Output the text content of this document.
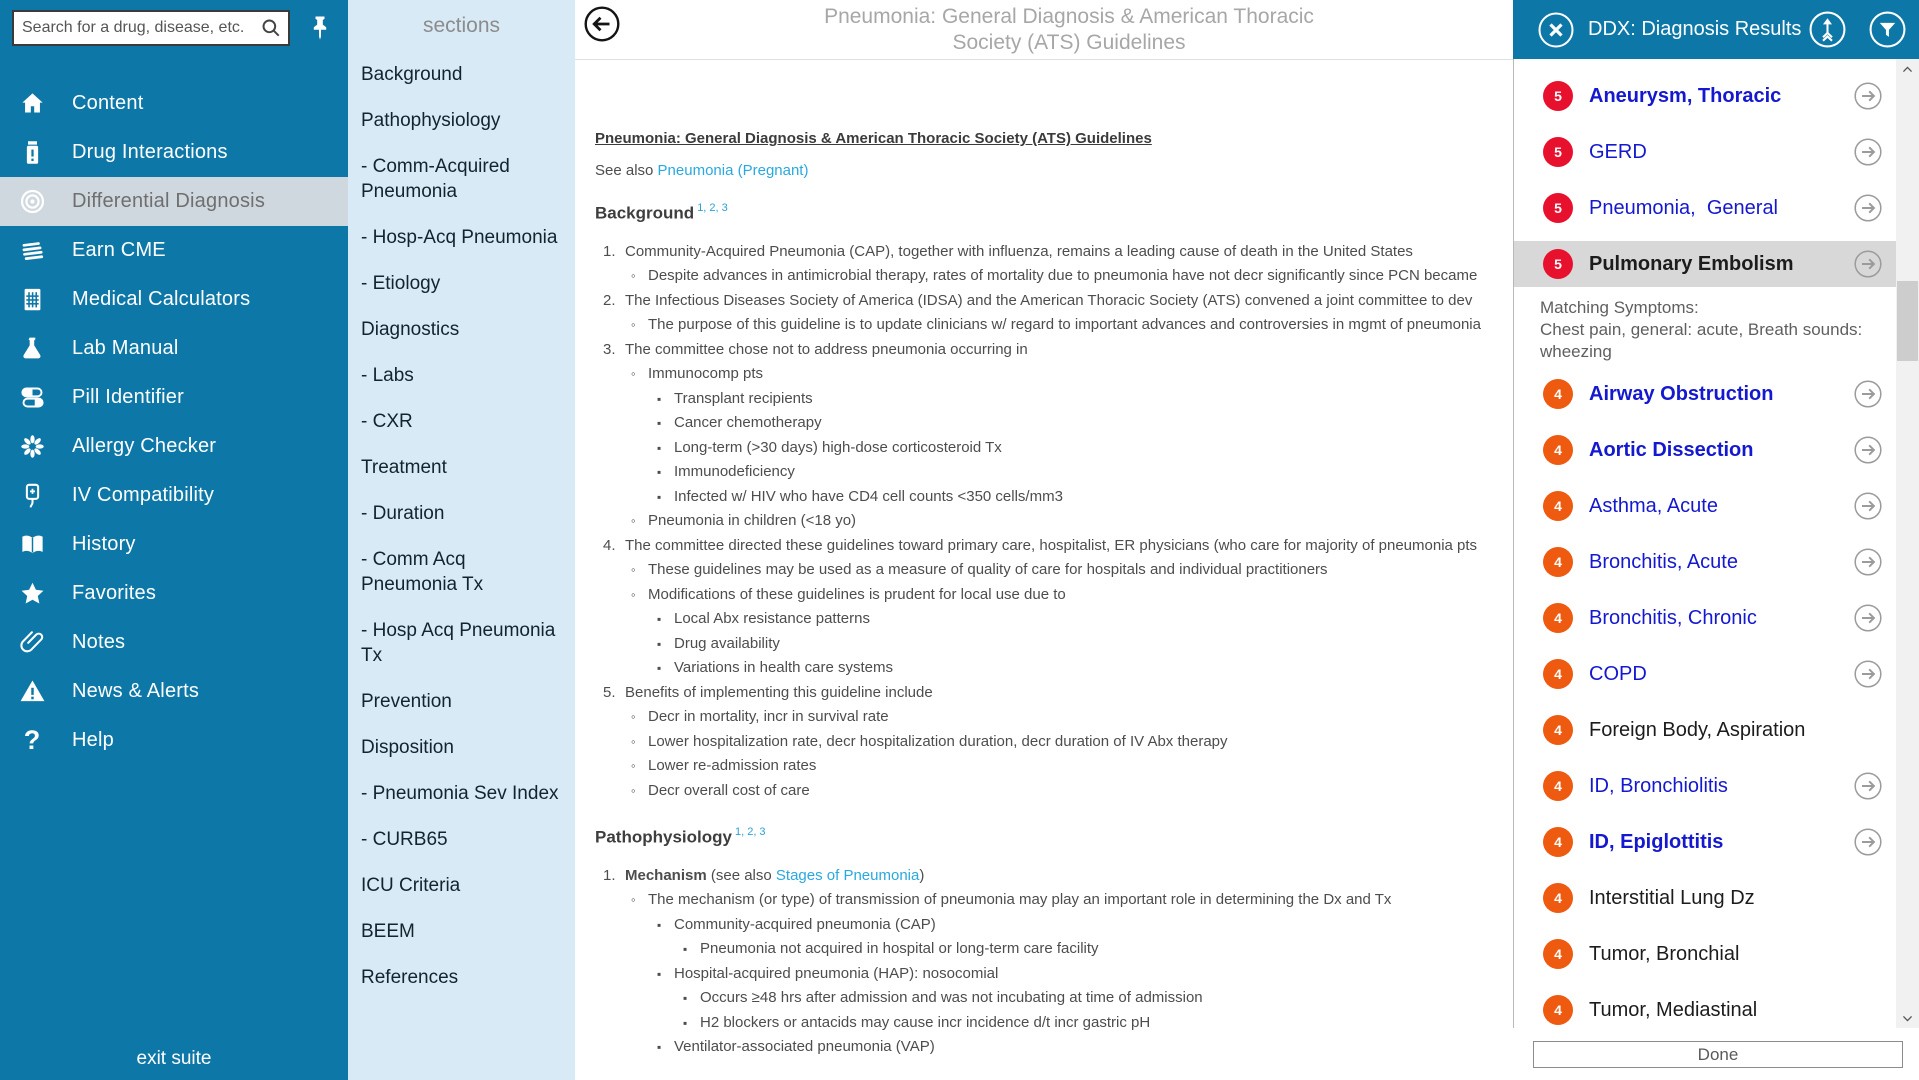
Search for a drug, disease, etc.
Content
Drug Interactions
Differential Diagnosis
Earn CME
Medical Calculators
Lab Manual
Pill Identifier
Allergy Checker
IV Compatibility
History
Favorites
Notes
News & Alerts
? Help
exit suite
sections
Background
Pathophysiology
- Comm-Acquired Pneumonia
- Hosp-Acq Pneumonia
- Etiology
Diagnostics
- Labs
- CXR
Treatment
- Duration
- Comm Acq Pneumonia Tx
- Hosp Acq Pneumonia Tx
Prevention
Disposition
- Pneumonia Sev Index
- CURB65
ICU Criteria
BEEM
References
Pneumonia: General Diagnosis & American Thoracic
Society (ATS) Guidelines
Pneumonia: General Diagnosis & American Thoracic Society (ATS) Guidelines
See also Pneumonia (Pregnant)
Background $^{1, 2, 3}$
1. Community-Acquired Pneumonia (CAP), together with influenza, remains a leading cause of death in the United States
◦ Despite advances in antimicrobial therapy, rates of mortality due to pneumonia have not decr significantly since PCN became
2. The Infectious Diseases Society of America (IDSA) and the American Thoracic Society (ATS) convened a joint committee to dev
◦ The purpose of this guideline is to update clinicians w/ regard to important advances and controversies in mgmt of pneumonia
3. The committee chose not to address pneumonia occurring in
◦ Immunocomp pts
▪ Transplant recipients
▪ Cancer chemotherapy
▪ Long-term (>30 days) high-dose corticosteroid Tx
▪ Immunodeficiency
▪ Infected w/ HIV who have CD4 cell counts <350 cells/mm3
◦ Pneumonia in children (<18 yo)
4. The committee directed these guidelines toward primary care, hospitalist, ER physicians (who care for majority of pneumonia pts
◦ These guidelines may be used as a measure of quality of care for hospitals and individual practitioners
◦ Modifications of these guidelines is prudent for local use due to
▪ Local Abx resistance patterns
▪ Drug availability
▪ Variations in health care systems
5. Benefits of implementing this guideline include
◦ Decr in mortality, incr in survival rate
◦ Lower hospitalization rate, decr hospitalization duration, decr duration of IV Abx therapy
◦ Lower re-admission rates
◦ Decr overall cost of care
Pathophysiology $^{1, 2, 3}$
1. Mechanism (see also Stages of Pneumonia)
◦ The mechanism (or type) of transmission of pneumonia may play an important role in determining the Dx and Tx
▪ Community-acquired pneumonia (CAP)
▪ Pneumonia not acquired in hospital or long-term care facility
▪ Hospital-acquired pneumonia (HAP): nosocomial
▪ Occurs ≥48 hrs after admission and was not incubating at time of admission
▪ H2 blockers or antacids may cause incr incidence d/t incr gastric pH
▪ Ventilator-associated pneumonia (VAP)
DDX: Diagnosis Results
5	Aneurysm, Thoracic
5	GERD
5	Pneumonia,  General
5	Pulmonary Embolism
Matching Symptoms:
Chest pain, general: acute, Breath sounds:
wheezing
4	Airway Obstruction
4	Aortic Dissection
4	Asthma, Acute
4	Bronchitis, Acute
4	Bronchitis, Chronic
4	COPD
4	Foreign Body, Aspiration
4	ID, Bronchiolitis
4	ID, Epiglottitis
4	Interstitial Lung Dz
4	Tumor, Bronchial
4	Tumor, Mediastinal
Done
